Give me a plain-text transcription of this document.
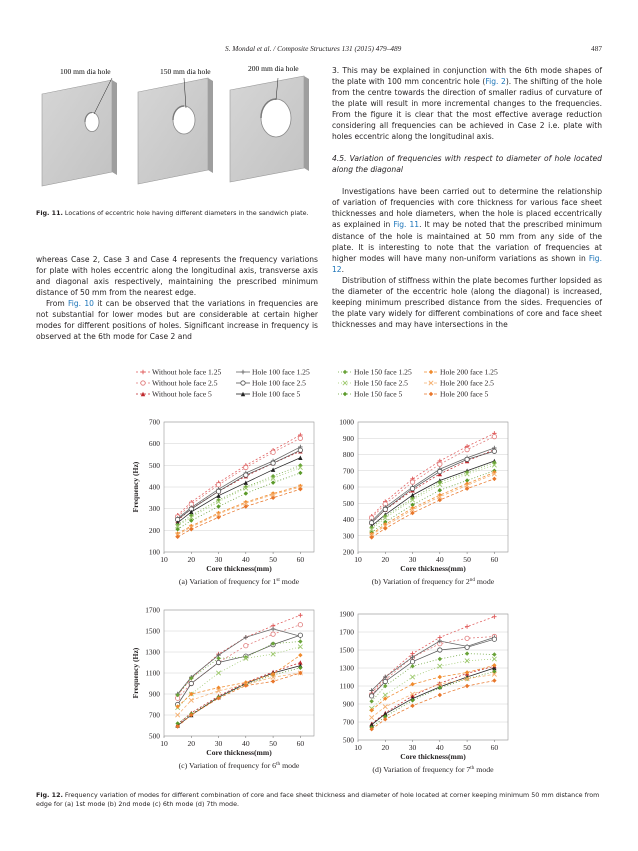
S. Mondal et al. / Composite Structures 131 (2015) 479–489	487
100 mm dia hole	150 mm dia hole	200 mm dia hole
Fig. 11. Locations of eccentric hole having different diameters in the sandwich plate.

whereas Case 2, Case 3 and Case 4 represents the frequency variations for plate with holes eccentric along the longitudinal axis, transverse axis and diagonal axis respectively, maintaining the prescribed minimum distance of 50 mm from the nearest edge.

From Fig. 10 it can be observed that the variations in frequencies are not substantial for lower modes but are considerable at certain higher modes for different positions of holes. Significant increase in frequency is observed at the 6th mode for Case 2 and

3. This may be explained in conjunction with the 6th mode shapes of the plate with 100 mm concentric hole (Fig. 2). The shifting of the hole from the centre towards the direction of smaller radius of curvature of the plate will result in more incremental changes to the frequencies. From the figure it is clear that the most effective average reduction considering all frequencies can be achieved in Case 2 i.e. plate with holes eccentric along the longitudinal axis.

4.5. Variation of frequencies with respect to diameter of hole located along the diagonal

Investigations have been carried out to determine the relationship of variation of frequencies with core thickness for various face sheet thicknesses and hole diameters, when the hole is placed eccentrically as explained in Fig. 11. It may be noted that the prescribed minimum distance of the hole is maintained at 50 mm from any side of the plate. It is interesting to note that the variation of frequencies at higher modes will have many non-uniform variations as shown in Fig. 12.

Distribution of stiffness within the plate becomes further lopsided as the diameter of the eccentric hole (along the diagonal) is increased, keeping minimum prescribed distance from the sides. Frequencies of the plate vary widely for different combinations of core and face sheet thicknesses and may have intersections in the

Without hole face 1.25
Without hole face 2.5
Without hole face 5
Hole 100 face 1.25
Hole 100 face 2.5
Hole 100 face 5
Hole 150 face 1.25
Hole 150 face 2.5
Hole 150 face 5
Hole 200 face 1.25
Hole 200 face 2.5
Hole 200 face 5
100
200
300
400
500
600
700
10	20	30	40	50	60
Core thickness(mm)
Frequency (Hz)
(a) Variation of frequency for 1st mode
200
300
400
500
600
700
800
900
1000
10	20	30	40	50	60
Core thickness(mm)
(b) Variation of frequency for 2nd mode
500
700
900
1100
1300
1500
1700
10	20	30	40	50	60
Core thickness(mm)
Frequency (Hz)
(c) Variation of frequency for 6th mode
500
700
900
1100
1300
1500
1700
1900
10	20	30	40	50	60
Core thickness(mm)
(d) Variation of frequency for 7th mode
Fig. 12. Frequency variation of modes for different combination of core and face sheet thickness and diameter of hole located at corner keeping minimum 50 mm distance from edge for (a) 1st mode (b) 2nd mode (c) 6th mode (d) 7th mode.
